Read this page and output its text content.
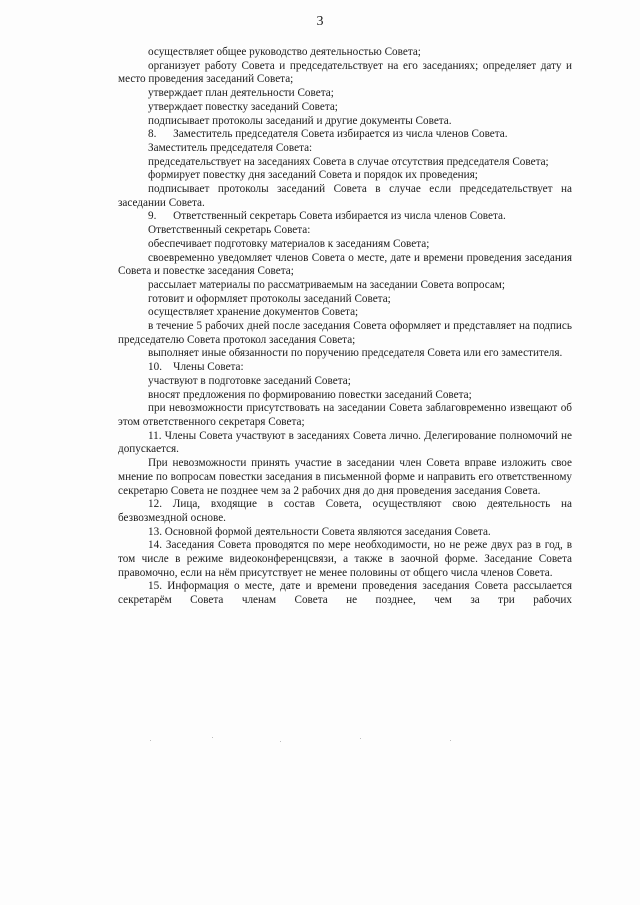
3

осуществляет общее руководство деятельностью Совета;

организует работу Совета и председательствует на его заседаниях; определяет дату и место проведения заседаний Совета;

утверждает план деятельности Совета;

утверждает повестку заседаний Совета;

подписывает протоколы заседаний и другие документы Совета.

8.      Заместитель председателя Совета избирается из числа членов Совета.

Заместитель председателя Совета:

председательствует на заседаниях Совета в случае отсутствия председателя Совета;

формирует повестку дня заседаний Совета и порядок их проведения;

подписывает протоколы заседаний Совета в случае если председательствует на заседании Совета.

9.      Ответственный секретарь Совета избирается из числа членов Совета.

Ответственный секретарь Совета:

обеспечивает подготовку материалов к заседаниям Совета;

своевременно уведомляет членов Совета о месте, дате и времени проведения заседания Совета и повестке заседания Совета;

рассылает материалы по рассматриваемым на заседании Совета вопросам;

готовит и оформляет протоколы заседаний Совета;

осуществляет хранение документов Совета;

в течение 5 рабочих дней после заседания Совета оформляет и представляет на подпись председателю Совета протокол заседания Совета;

выполняет иные обязанности по поручению председателя Совета или его заместителя.

10.    Члены Совета:

участвуют в подготовке заседаний Совета;

вносят предложения по формированию повестки заседаний Совета;

при невозможности присутствовать на заседании Совета заблаговременно извещают об этом ответственного секретаря Совета;

11. Члены Совета участвуют в заседаниях Совета лично. Делегирование полномочий не допускается.

При невозможности принять участие в заседании член Совета вправе изложить свое мнение по вопросам повестки заседания в письменной форме и направить его ответственному секретарю Совета не позднее чем за 2 рабочих дня до дня проведения заседания Совета.

12. Лица, входящие в состав Совета, осуществляют свою деятельность на безвозмездной основе.

13. Основной формой деятельности Совета являются заседания Совета.

14. Заседания Совета проводятся по мере необходимости, но не реже двух раз в год, в том числе в режиме видеоконференцсвязи, а также в заочной форме. Заседание Совета правомочно, если на нём присутствует не менее половины от общего числа членов Совета.

15. Информация о месте, дате и времени проведения заседания Совета рассылается секретарём Совета членам Совета не позднее, чем за три рабочих
